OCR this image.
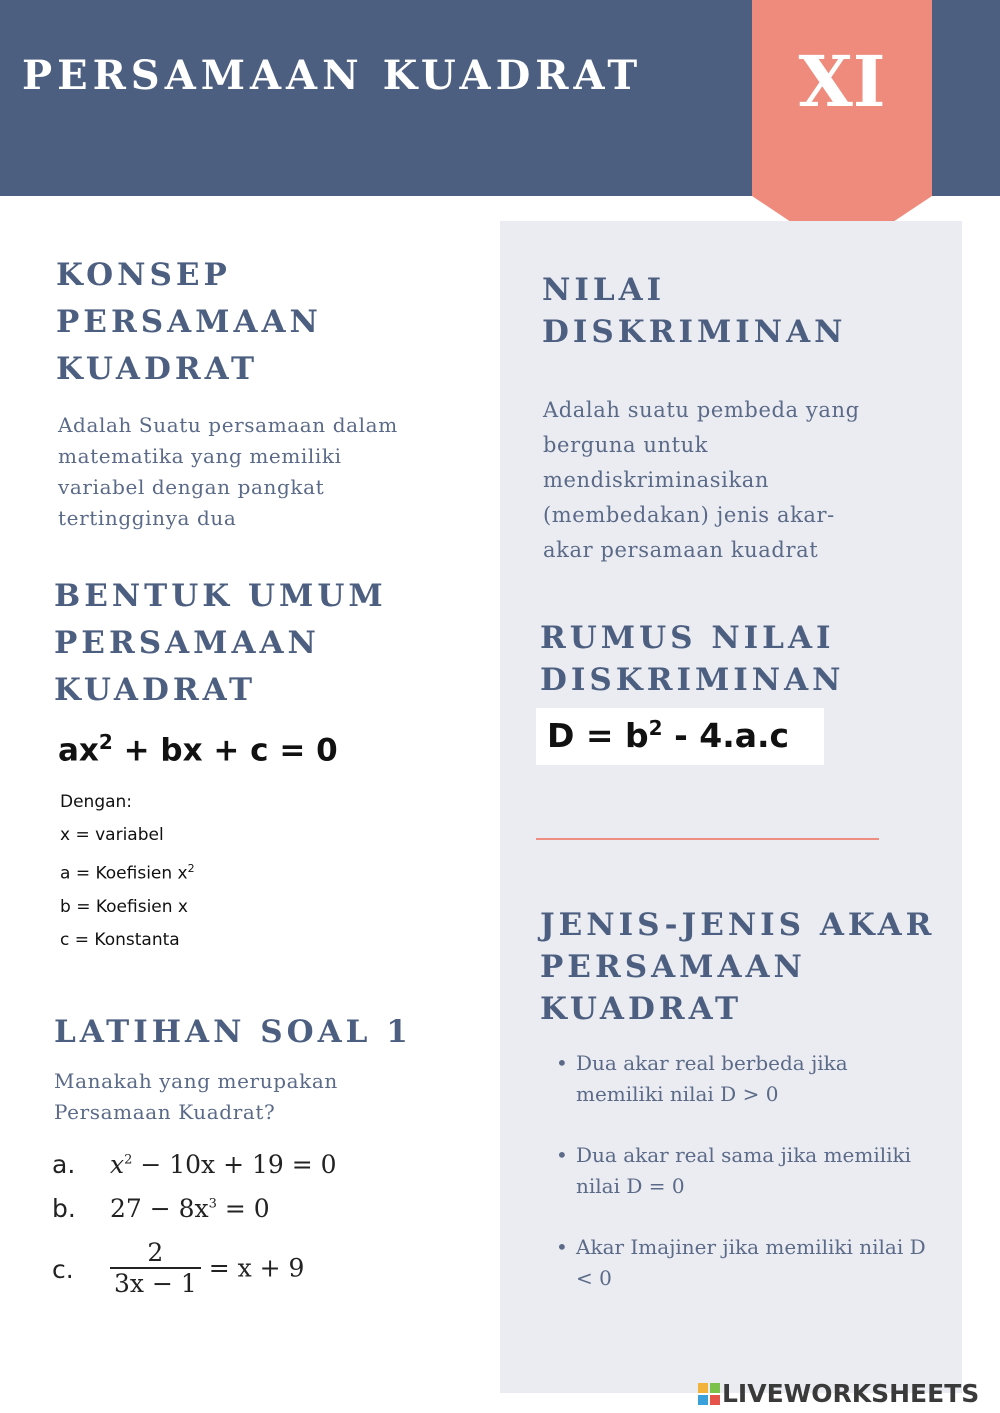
PERSAMAAN KUADRAT	XI
KONSEP
PERSAMAAN
KUADRAT

Adalah Suatu persamaan dalam
matematika yang memiliki
variabel dengan pangkat
tertingginya dua

BENTUK UMUM
PERSAMAAN
KUADRAT
$ax^2$ + bx + c = 0
Dengan:
x = variabel
a = Koefisien $x^2$
b = Koefisien x
c = Konstanta
LATIHAN SOAL 1

Manakah yang merupakan
Persamaan Kuadrat?

a.	$x^2 - 10x + 19 = 0$
b.	$27 - 8x^3 = 0$
c.	$\frac{2}{3x - 1} = x + 9$
NILAI
DISKRIMINAN

Adalah suatu pembeda yang
berguna untuk
mendiskriminasikan
(membedakan) jenis akar-
akar persamaan kuadrat

RUMUS NILAI
DISKRIMINAN
$D = b^2 - 4.a.c$
JENIS-JENIS AKAR
PERSAMAAN
KUADRAT
• Dua akar real berbeda jika memiliki nilai D > 0
• Dua akar real sama jika memiliki nilai D = 0
• Akar Imajiner jika memiliki nilai D < 0
LIVEWORKSHEETS
